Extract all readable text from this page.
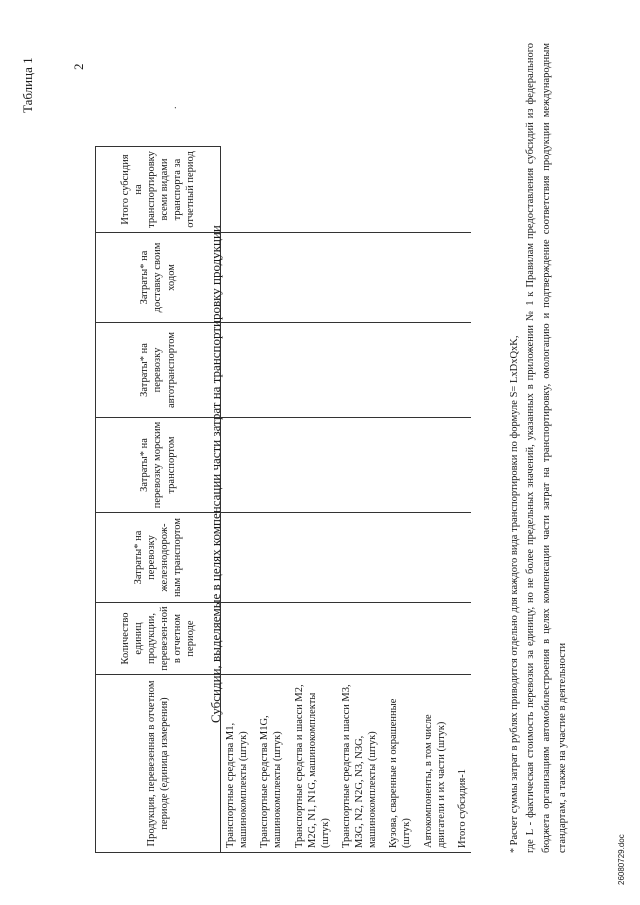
2
Таблица 1	.
Продукция, перевезенная в отчетном периоде (единица измерения)	Количество единиц продукции, перевезен-ной в отчетном периоде	Затраты* на перевозку железнодорож-ным транспортом	Затраты* на перевозку морским транспортом	Затраты* на перевозку автотранспортом	Затраты* на доставку своим ходом	Итого субсидия на транспортировку всеми видами транспорта за отчетный период
Транспортные средства М1, машинокомплекты (штук)						
Транспортные средства М1G, машинокомплекты (штук)						
Транспортные средства и шасси М2, М2G, N1, N1G, машинокомплекты (штук)						
Транспортные средства и шасси М3, М3G, N2, N2G, N3, N3G, машинокомплекты (штук)						
Кузова, сваренные и окрашенные (штук)						
Автокомпоненты, в том числе двигатели и их части (штук)						
Итого субсидия-1						

* Расчет суммы затрат в рублях приводится отдельно для каждого вида транспортировки по формуле S= LxDxQxK, где L - фактическая стоимость перевозки за единицу, но не более предельных значений, указанных в приложении № 1 к Правилам предоставления субсидий из федерального бюджета организациям автомобилестроения в целях компенсации части затрат на транспортировку, омологацию и подтверждение соответствия продукции международным стандартам, а также на участие в деятельности

Субсидии, выделяемые в целях компенсации части затрат на транспортировку продукции
26080729.doc
